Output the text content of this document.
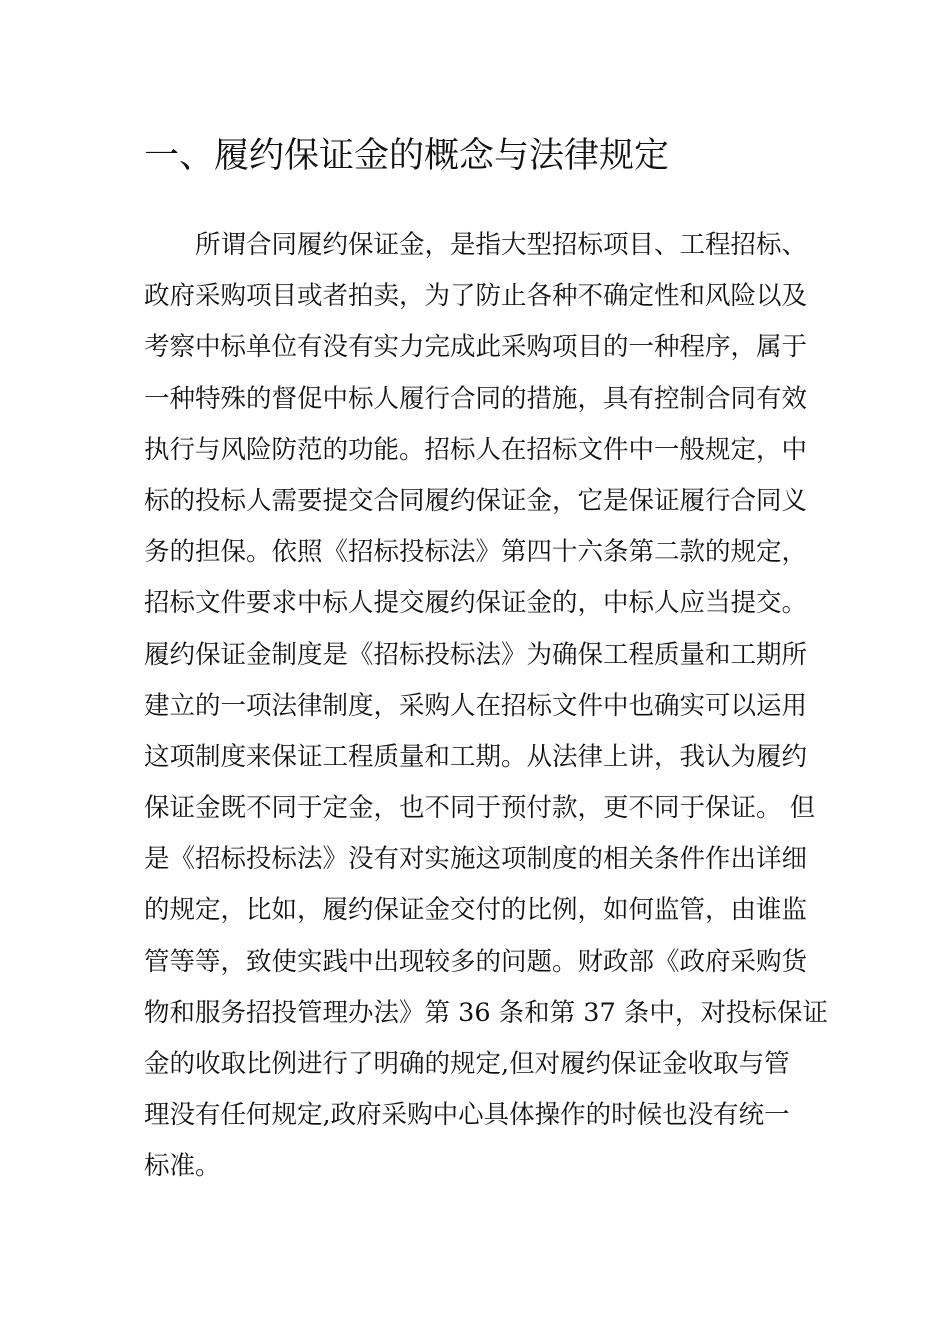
一、履约保证金的概念与法律规定
　　所谓合同履约保证金，是指大型招标项目、工程招标、
政府采购项目或者拍卖，为了防止各种不确定性和风险以及
考察中标单位有没有实力完成此采购项目的一种程序，属于
一种特殊的督促中标人履行合同的措施，具有控制合同有效
执行与风险防范的功能。招标人在招标文件中一般规定，中
标的投标人需要提交合同履约保证金，它是保证履行合同义
务的担保。依照《招标投标法》第四十六条第二款的规定，
招标文件要求中标人提交履约保证金的，中标人应当提交。
履约保证金制度是《招标投标法》为确保工程质量和工期所
建立的一项法律制度，采购人在招标文件中也确实可以运用
这项制度来保证工程质量和工期。从法律上讲，我认为履约
保证金既不同于定金，也不同于预付款，更不同于保证。 但
是《招标投标法》没有对实施这项制度的相关条件作出详细
的规定，比如，履约保证金交付的比例，如何监管，由谁监
管等等，致使实践中出现较多的问题。财政部《政府采购货
物和服务招投管理办法》第 36 条和第 37 条中，对投标保证
金的收取比例进行了明确的规定,但对履约保证金收取与管
理没有任何规定,政府采购中心具体操作的时候也没有统一
标准。
